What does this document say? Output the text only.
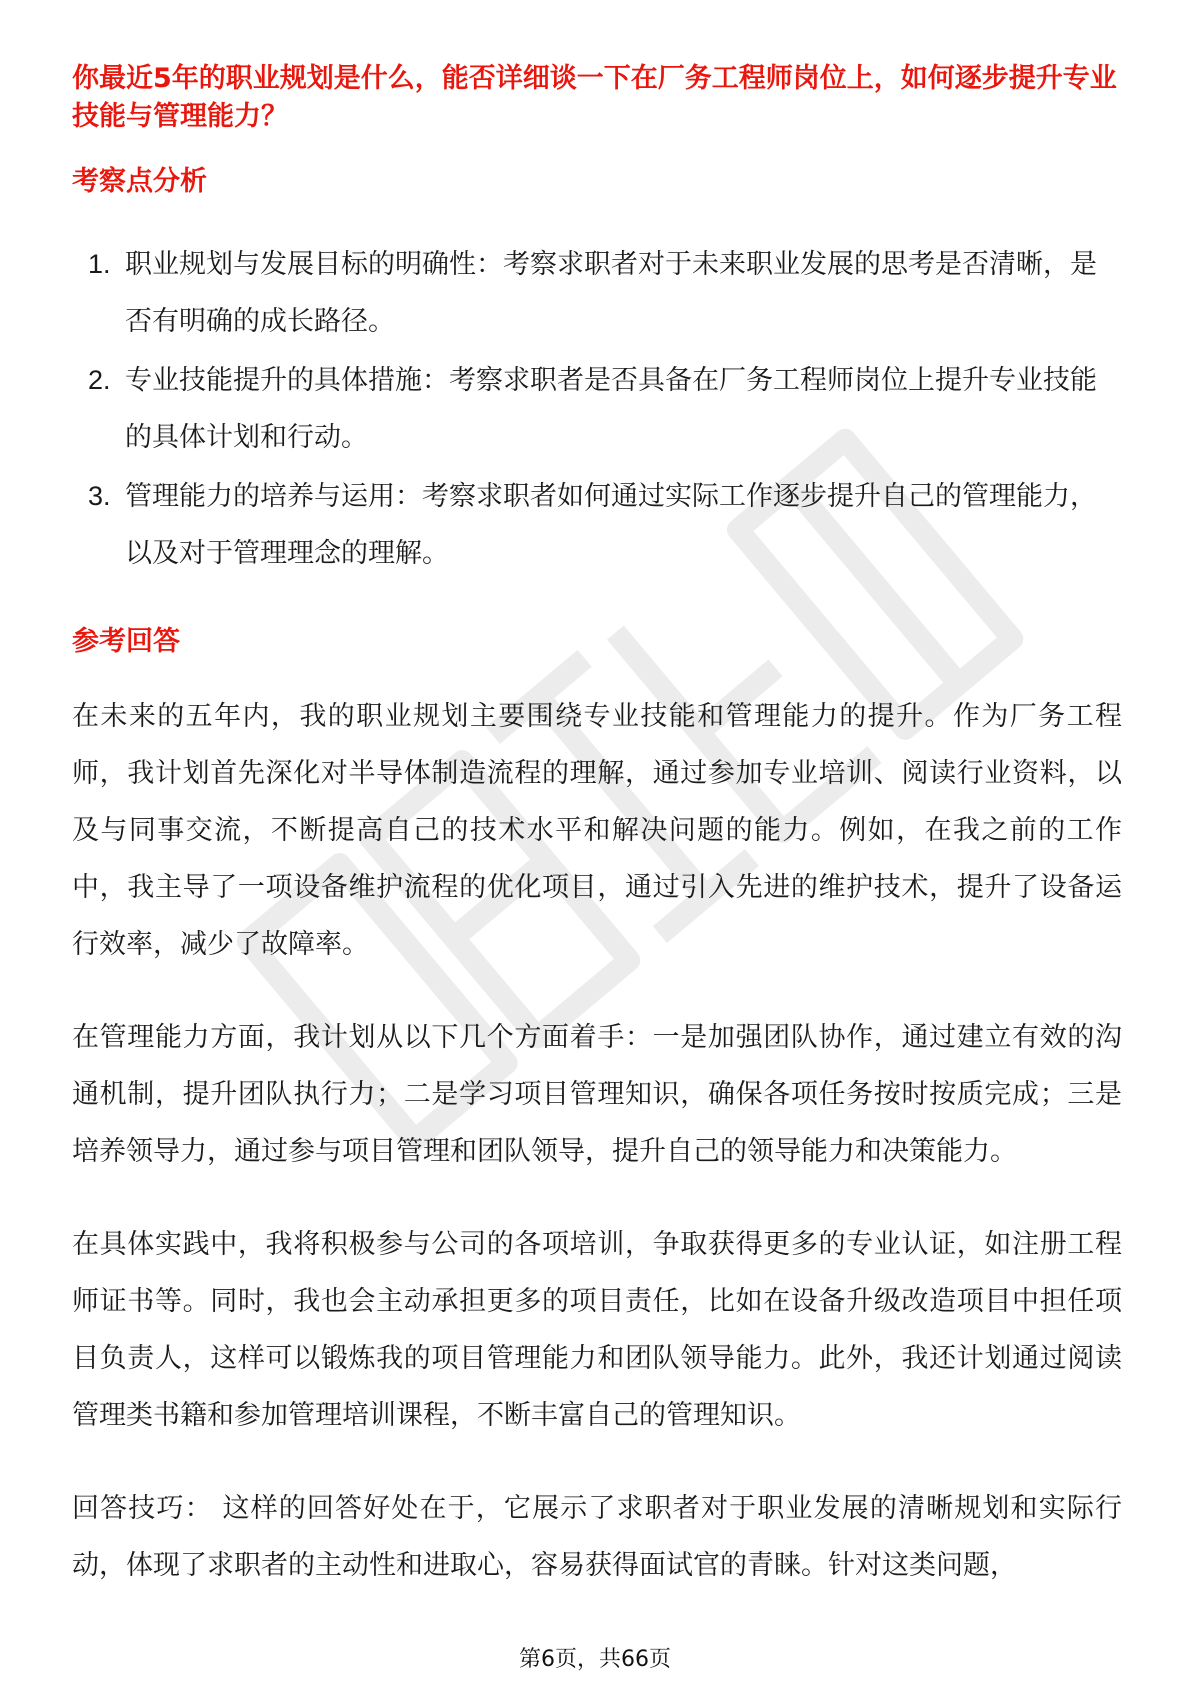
你最近5年的职业规划是什么，能否详细谈一下在厂务工程师岗位上，如何逐步提升专业技能与管理能力？
考察点分析
1. 职业规划与发展目标的明确性：考察求职者对于未来职业发展的思考是否清晰，是否有明确的成长路径。
2. 专业技能提升的具体措施：考察求职者是否具备在厂务工程师岗位上提升专业技能的具体计划和行动。
3. 管理能力的培养与运用：考察求职者如何通过实际工作逐步提升自己的管理能力，以及对于管理理念的理解。
参考回答

在未来的五年内，我的职业规划主要围绕专业技能和管理能力的提升。作为厂务工程师，我计划首先深化对半导体制造流程的理解，通过参加专业培训、阅读行业资料，以及与同事交流，不断提高自己的技术水平和解决问题的能力。例如，在我之前的工作中，我主导了一项设备维护流程的优化项目，通过引入先进的维护技术，提升了设备运行效率，减少了故障率。

在管理能力方面，我计划从以下几个方面着手：一是加强团队协作，通过建立有效的沟通机制，提升团队执行力；二是学习项目管理知识，确保各项任务按时按质完成；三是培养领导力，通过参与项目管理和团队领导，提升自己的领导能力和决策能力。

在具体实践中，我将积极参与公司的各项培训，争取获得更多的专业认证，如注册工程师证书等。同时，我也会主动承担更多的项目责任，比如在设备升级改造项目中担任项目负责人，这样可以锻炼我的项目管理能力和团队领导能力。此外，我还计划通过阅读管理类书籍和参加管理培训课程，不断丰富自己的管理知识。

回答技巧： 这样的回答好处在于，它展示了求职者对于职业发展的清晰规划和实际行动，体现了求职者的主动性和进取心，容易获得面试官的青睐。针对这类问题，

第6页，共66页
